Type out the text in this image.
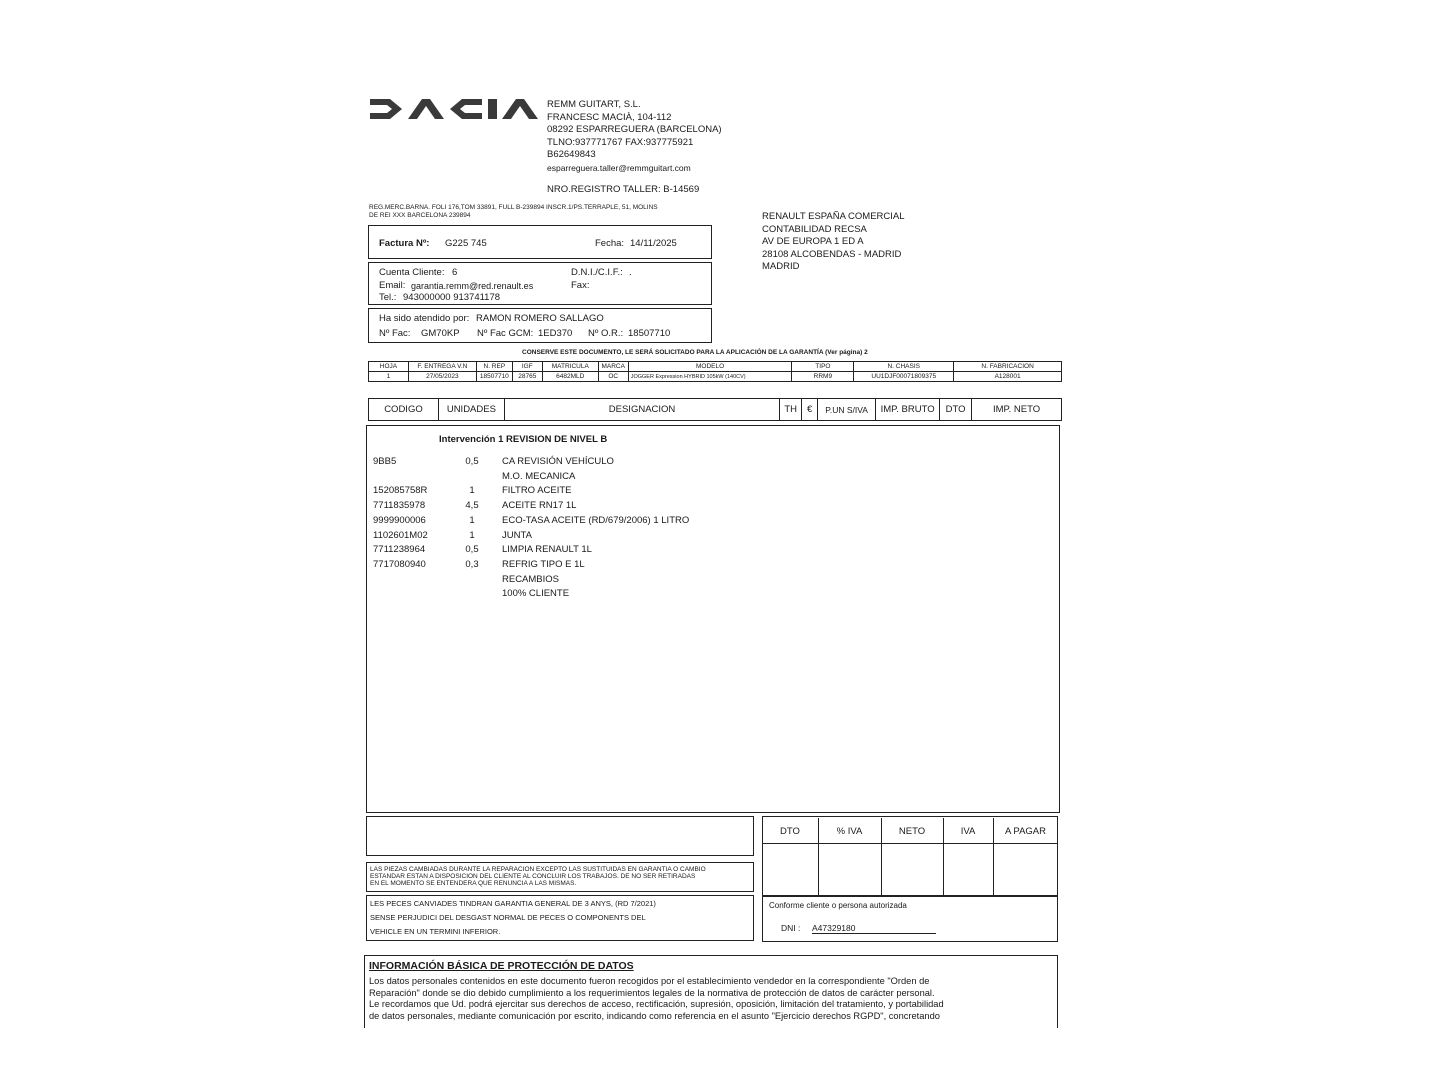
REMM GUITART, S.L.
FRANCESC MACIÀ, 104-112
08292 ESPARREGUERA (BARCELONA)
TLNO:937771767 FAX:937775921
B62649843
esparreguera.taller@remmguitart.com
NRO.REGISTRO TALLER: B-14569
REG.MERC.BARNA. FOLI 176,TOM 33891, FULL B-239894 INSCR.1/PS.TERRAPLE, 51, MOLINS
DE REI XXX BARCELONA 239894	RENAULT ESPAÑA COMERCIAL
CONTABILIDAD RECSA
AV DE EUROPA 1 ED A
28108 ALCOBENDAS - MADRID
MADRID
Factura Nº: G225 745	Fecha: 14/11/2025
Cuenta Cliente: 6	D.N.I./C.I.F.: .
Email: garantia.remm@red.renault.es	Fax:
Tel.: 943000000 913741178
Ha sido atendido por: RAMON ROMERO SALLAGO
Nº Fac: GM70KP Nº Fac GCM: 1ED370 Nº O.R.: 18507710
CONSERVE ESTE DOCUMENTO, LE SERÁ SOLICITADO PARA LA APLICACIÓN DE LA GARANTÍA (Ver página) 2
HOJA	F. ENTREGA V.N	N. REP	IGF	MATRICULA	MARCA	MODELO	TIPO	N. CHASIS	N. FABRICACION
1	27/05/2023	18507710	28765	6482MLD	OC	JOGGER Expression HYBRID 105kW (140CV)	RRM9	UU1DJF00071809375	A128001
CODIGO	UNIDADES	DESIGNACION	TH	€	P.UN S/IVA	IMP. BRUTO	DTO	IMP. NETO
Intervención 1 REVISION DE NIVEL B
9BB5	0,5	CA REVISIÓN VEHÍCULO
M.O. MECANICA
152085758R	1	FILTRO ACEITE
7711835978	4,5	ACEITE RN17 1L
9999900006	1	ECO-TASA ACEITE (RD/679/2006) 1 LITRO
1102601M02	1	JUNTA
7711238964	0,5	LIMPIA RENAULT 1L
7717080940	0,3	REFRIG TIPO E 1L
RECAMBIOS
100% CLIENTE
LAS PIEZAS CAMBIADAS DURANTE LA REPARACION EXCEPTO LAS SUSTITUIDAS EN GARANTIA O CAMBIO
ESTANDAR ESTAN A DISPOSICION DEL CLIENTE AL CONCLUIR LOS TRABAJOS. DE NO SER RETIRADAS
EN EL MOMENTO SE ENTENDERA QUE RENUNCIA A LAS MISMAS.
LES PECES CANVIADES TINDRAN GARANTIA GENERAL DE 3 ANYS, (RD 7/2021)
SENSE PERJUDICI DEL DESGAST NORMAL DE PECES O COMPONENTS DEL
VEHICLE EN UN TERMINI INFERIOR.
DTO	% IVA	NETO	IVA	A PAGAR
Conforme cliente o persona autorizada
DNI : A47329180
INFORMACIÓN BÁSICA DE PROTECCIÓN DE DATOS
Los datos personales contenidos en este documento fueron recogidos por el establecimiento vendedor en la correspondiente "Orden de
Reparación" donde se dio debido cumplimiento a los requerimientos legales de la normativa de protección de datos de carácter personal.
Le recordamos que Ud. podrá ejercitar sus derechos de acceso, rectificación, supresión, oposición, limitación del tratamiento, y portabilidad
de datos personales, mediante comunicación por escrito, indicando como referencia en el asunto "Ejercicio derechos RGPD", concretando
